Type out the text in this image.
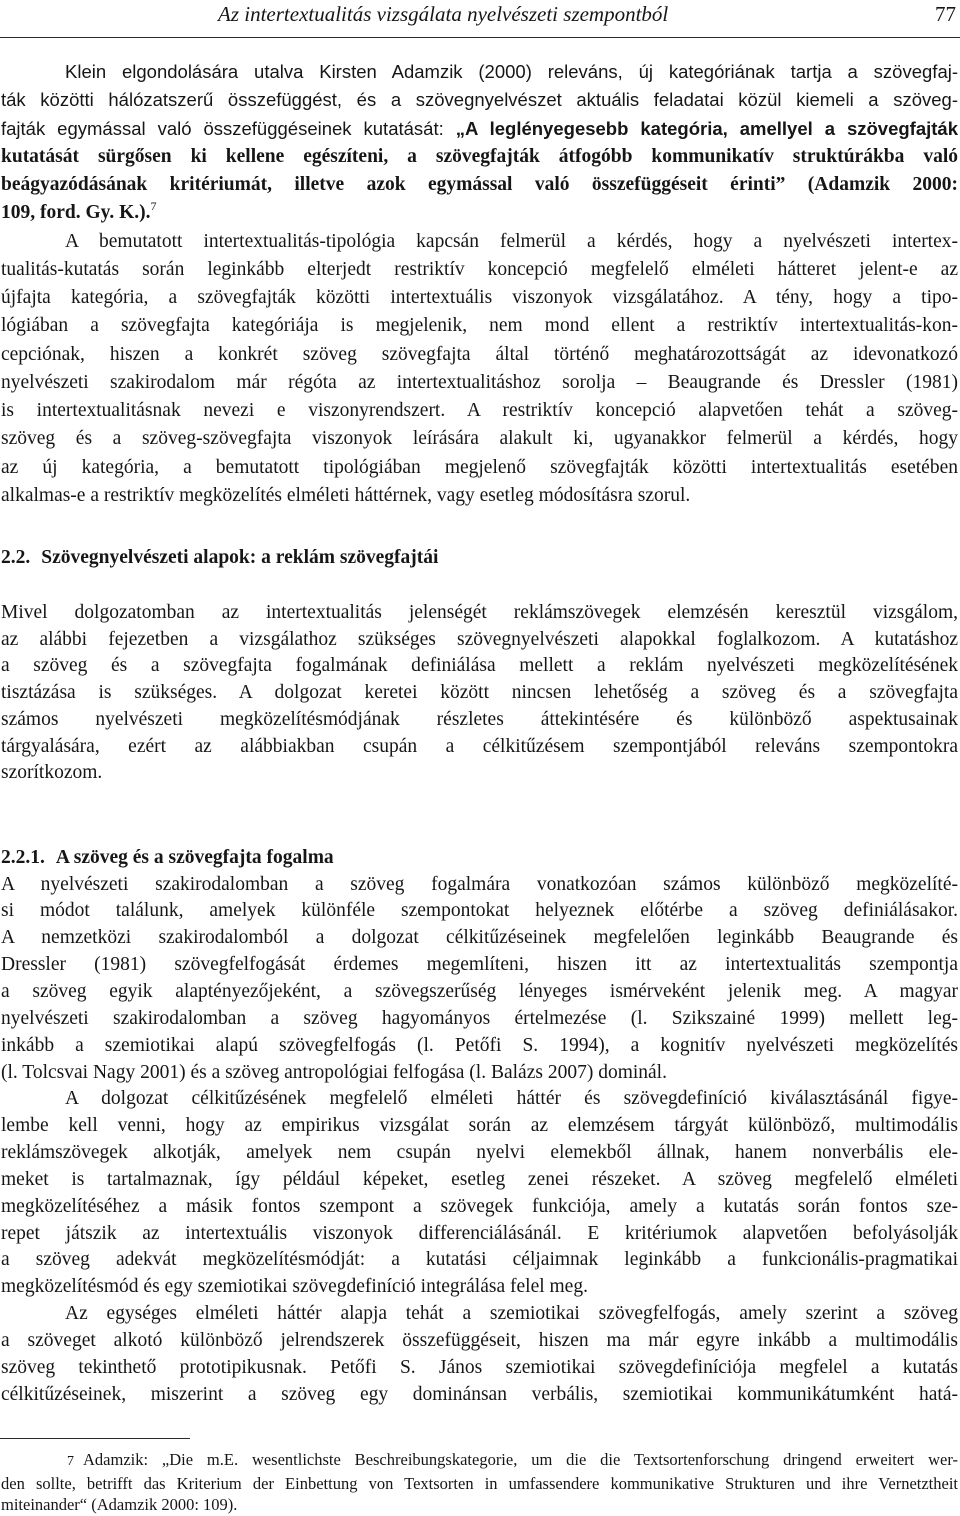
Az intertextualitás vizsgálata nyelvészeti szempontból	77
Klein elgondolására utalva Kirsten Adamzik (2000) releváns, új kategóriának tartja a szövegfaj-
ták közötti hálózatszerű összefüggést, és a szövegnyelvészet aktuális feladatai közül kiemeli a szöveg-
fajták egymással való összefüggéseinek kutatását: „A leglényegesebb kategória, amellyel a szövegfajták
kutatását sürgősen ki kellene egészíteni, a szövegfajták átfogóbb kommunikatív struktúrákba való
beágyazódásának kritériumát, illetve azok egymással való összefüggéseit érinti” (Adamzik 2000:
109, ford. Gy. K.).$^7$
A bemutatott intertextualitás-tipológia kapcsán felmerül a kérdés, hogy a nyelvészeti intertex-
tualitás-kutatás során leginkább elterjedt restriktív koncepció megfelelő elméleti hátteret jelent-e az
újfajta kategória, a szövegfajták közötti intertextuális viszonyok vizsgálatához. A tény, hogy a tipo-
lógiában a szövegfajta kategóriája is megjelenik, nem mond ellent a restriktív intertextualitás-kon-
cepciónak, hiszen a konkrét szöveg szövegfajta által történő meghatározottságát az idevonatkozó
nyelvészeti szakirodalom már régóta az intertextualitáshoz sorolja – Beaugrande és Dressler (1981)
is intertextualitásnak nevezi e viszonyrendszert. A restriktív koncepció alapvetően tehát a szöveg-
szöveg és a szöveg-szövegfajta viszonyok leírására alakult ki, ugyanakkor felmerül a kérdés, hogy
az új kategória, a bemutatott tipológiában megjelenő szövegfajták közötti intertextualitás esetében
alkalmas-e a restriktív megközelítés elméleti háttérnek, vagy esetleg módosításra szorul.
2.2. Szövegnyelvészeti alapok: a reklám szövegfajtái
Mivel dolgozatomban az intertextualitás jelenségét reklámszövegek elemzésén keresztül vizsgálom,
az alábbi fejezetben a vizsgálathoz szükséges szövegnyelvészeti alapokkal foglalkozom. A kutatáshoz
a szöveg és a szövegfajta fogalmának definiálása mellett a reklám nyelvészeti megközelítésének
tisztázása is szükséges. A dolgozat keretei között nincsen lehetőség a szöveg és a szövegfajta
számos nyelvészeti megközelítésmódjának részletes áttekintésére és különböző aspektusainak
tárgyalására, ezért az alábbiakban csupán a célkitűzésem szempontjából releváns szempontokra
szorítkozom.
2.2.1. A szöveg és a szövegfajta fogalma
A nyelvészeti szakirodalomban a szöveg fogalmára vonatkozóan számos különböző megközelíté-
si módot találunk, amelyek különféle szempontokat helyeznek előtérbe a szöveg definiálásakor.
A nemzetközi szakirodalomból a dolgozat célkitűzéseinek megfelelően leginkább Beaugrande és
Dressler (1981) szövegfelfogását érdemes megemlíteni, hiszen itt az intertextualitás szempontja
a szöveg egyik alaptényezőjeként, a szövegszerűség lényeges ismérveként jelenik meg. A magyar
nyelvészeti szakirodalomban a szöveg hagyományos értelmezése (l. Szikszainé 1999) mellett leg-
inkább a szemiotikai alapú szövegfelfogás (l. Petőfi S. 1994), a kognitív nyelvészeti megközelítés
(l. Tolcsvai Nagy 2001) és a szöveg antropológiai felfogása (l. Balázs 2007) dominál.
A dolgozat célkitűzésének megfelelő elméleti háttér és szövegdefiníció kiválasztásánál figye-
lembe kell venni, hogy az empirikus vizsgálat során az elemzésem tárgyát különböző, multimodális
reklámszövegek alkotják, amelyek nem csupán nyelvi elemekből állnak, hanem nonverbális ele-
meket is tartalmaznak, így például képeket, esetleg zenei részeket. A szöveg megfelelő elméleti
megközelítéséhez a másik fontos szempont a szövegek funkciója, amely a kutatás során fontos sze-
repet játszik az intertextuális viszonyok differenciálásánál. E kritériumok alapvetően befolyásolják
a szöveg adekvát megközelítésmódját: a kutatási céljaimnak leginkább a funkcionális-pragmatikai
megközelítésmód és egy szemiotikai szövegdefiníció integrálása felel meg.
Az egységes elméleti háttér alapja tehát a szemiotikai szövegfelfogás, amely szerint a szöveg
a szöveget alkotó különböző jelrendszerek összefüggéseit, hiszen ma már egyre inkább a multimodális
szöveg tekinthető prototipikusnak. Petőfi S. János szemiotikai szövegdefiníciója megfelel a kutatás
célkitűzéseinek, miszerint a szöveg egy dominánsan verbális, szemiotikai kommunikátumként hatá-
7 Adamzik: „Die m.E. wesentlichste Beschreibungskategorie, um die die Textsortenforschung dringend erweitert wer-
den sollte, betrifft das Kriterium der Einbettung von Textsorten in umfassendere kommunikative Strukturen und ihre Vernetztheit
miteinander“ (Adamzik 2000: 109).
